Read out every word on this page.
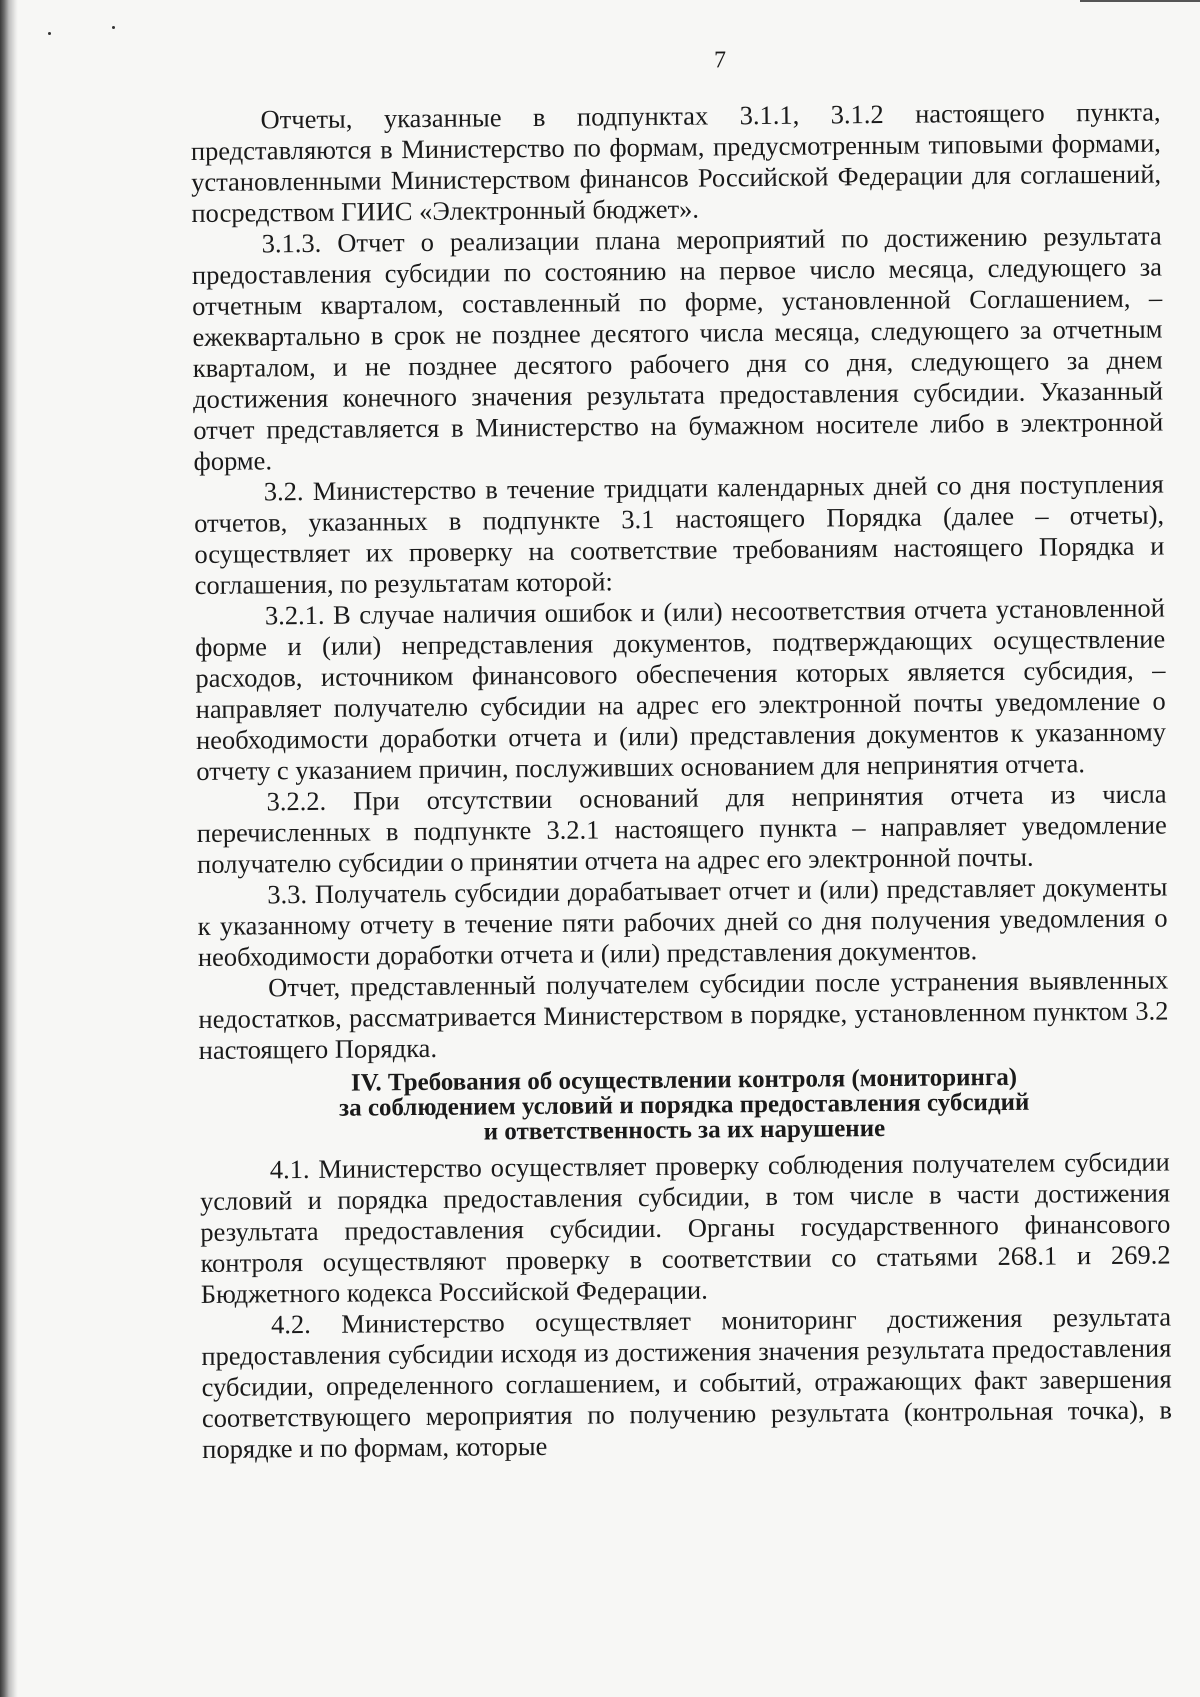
7

Отчеты, указанные в подпунктах 3.1.1, 3.1.2 настоящего пункта, представляются в Министерство по формам, предусмотренным типовыми формами, установленными Министерством финансов Российской Федерации для соглашений, посредством ГИИС «Электронный бюджет».

3.1.3. Отчет о реализации плана мероприятий по достижению результата предоставления субсидии по состоянию на первое число месяца, следующего за отчетным кварталом, составленный по форме, установленной Соглашением, – ежеквартально в срок не позднее десятого числа месяца, следующего за отчетным кварталом, и не позднее десятого рабочего дня со дня, следующего за днем достижения конечного значения результата предоставления субсидии. Указанный отчет представляется в Министерство на бумажном носителе либо в электронной форме.

3.2. Министерство в течение тридцати календарных дней со дня поступления отчетов, указанных в подпункте 3.1 настоящего Порядка (далее – отчеты), осуществляет их проверку на соответствие требованиям настоящего Порядка и соглашения, по результатам которой:

3.2.1. В случае наличия ошибок и (или) несоответствия отчета установленной форме и (или) непредставления документов, подтверждающих осуществление расходов, источником финансового обеспечения которых является субсидия, – направляет получателю субсидии на адрес его электронной почты уведомление о необходимости доработки отчета и (или) представления документов к указанному отчету с указанием причин, послуживших основанием для непринятия отчета.

3.2.2. При отсутствии оснований для непринятия отчета из числа перечисленных в подпункте 3.2.1 настоящего пункта – направляет уведомление получателю субсидии о принятии отчета на адрес его электронной почты.

3.3. Получатель субсидии дорабатывает отчет и (или) представляет документы к указанному отчету в течение пяти рабочих дней со дня получения уведомления о необходимости доработки отчета и (или) представления документов.

Отчет, представленный получателем субсидии после устранения выявленных недостатков, рассматривается Министерством в порядке, установленном пунктом 3.2 настоящего Порядка.

IV. Требования об осуществлении контроля (мониторинга)
за соблюдением условий и порядка предоставления субсидий
и ответственность за их нарушение

4.1. Министерство осуществляет проверку соблюдения получателем субсидии условий и порядка предоставления субсидии, в том числе в части достижения результата предоставления субсидии. Органы государственного финансового контроля осуществляют проверку в соответствии со статьями 268.1 и 269.2 Бюджетного кодекса Российской Федерации.

4.2. Министерство осуществляет мониторинг достижения результата предоставления субсидии исходя из достижения значения результата предоставления субсидии, определенного соглашением, и событий, отражающих факт завершения соответствующего мероприятия по получению результата (контрольная точка), в порядке и по формам, которые
